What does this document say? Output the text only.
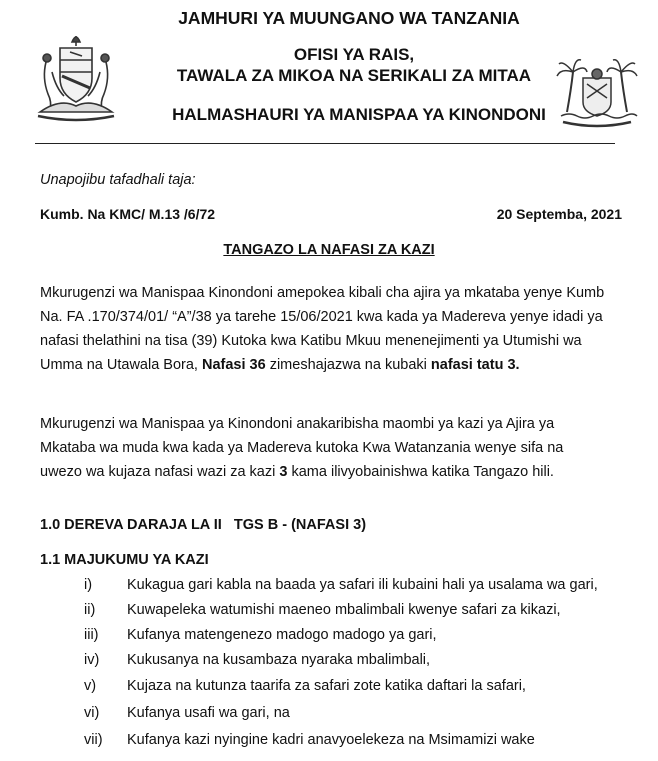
JAMHURI YA MUUNGANO WA TANZANIA
OFISI YA RAIS,
TAWALA ZA MIKOA NA SERIKALI ZA MITAA
HALMASHAURI YA MANISPAA YA KINONDONI
Unapojibu tafadhali taja:
Kumb. Na KMC/ M.13 /6/72	20 Septemba, 2021
TANGAZO LA NAFASI ZA KAZI
Mkurugenzi wa Manispaa Kinondoni amepokea kibali cha ajira ya mkataba yenye Kumb
Na. FA .170/374/01/ “A”/38 ya tarehe 15/06/2021 kwa kada ya Madereva yenye idadi ya
nafasi thelathini na tisa (39) Kutoka kwa Katibu Mkuu menenejimenti ya Utumishi wa
Umma na Utawala Bora, Nafasi 36 zimeshajazwa na kubaki nafasi tatu 3.
Mkurugenzi wa Manispaa ya Kinondoni anakaribisha maombi ya kazi ya Ajira ya
Mkataba wa muda kwa kada ya Madereva kutoka Kwa Watanzania wenye sifa na
uwezo wa kujaza nafasi wazi za kazi 3 kama ilivyobainishwa katika Tangazo hili.
1.0 DEREVA DARAJA LA II   TGS B - (NAFASI 3)
1.1 MAJUKUMU YA KAZI
i) Kukagua gari kabla na baada ya safari ili kubaini hali ya usalama wa gari,
ii) Kuwapeleka watumishi maeneo mbalimbali kwenye safari za kikazi,
iii) Kufanya matengenezo madogo madogo ya gari,
iv) Kukusanya na kusambaza nyaraka mbalimbali,
v) Kujaza na kutunza taarifa za safari zote katika daftari la safari,
vi) Kufanya usafi wa gari, na
vii) Kufanya kazi nyingine kadri anavyoelekeza na Msimamizi wake
